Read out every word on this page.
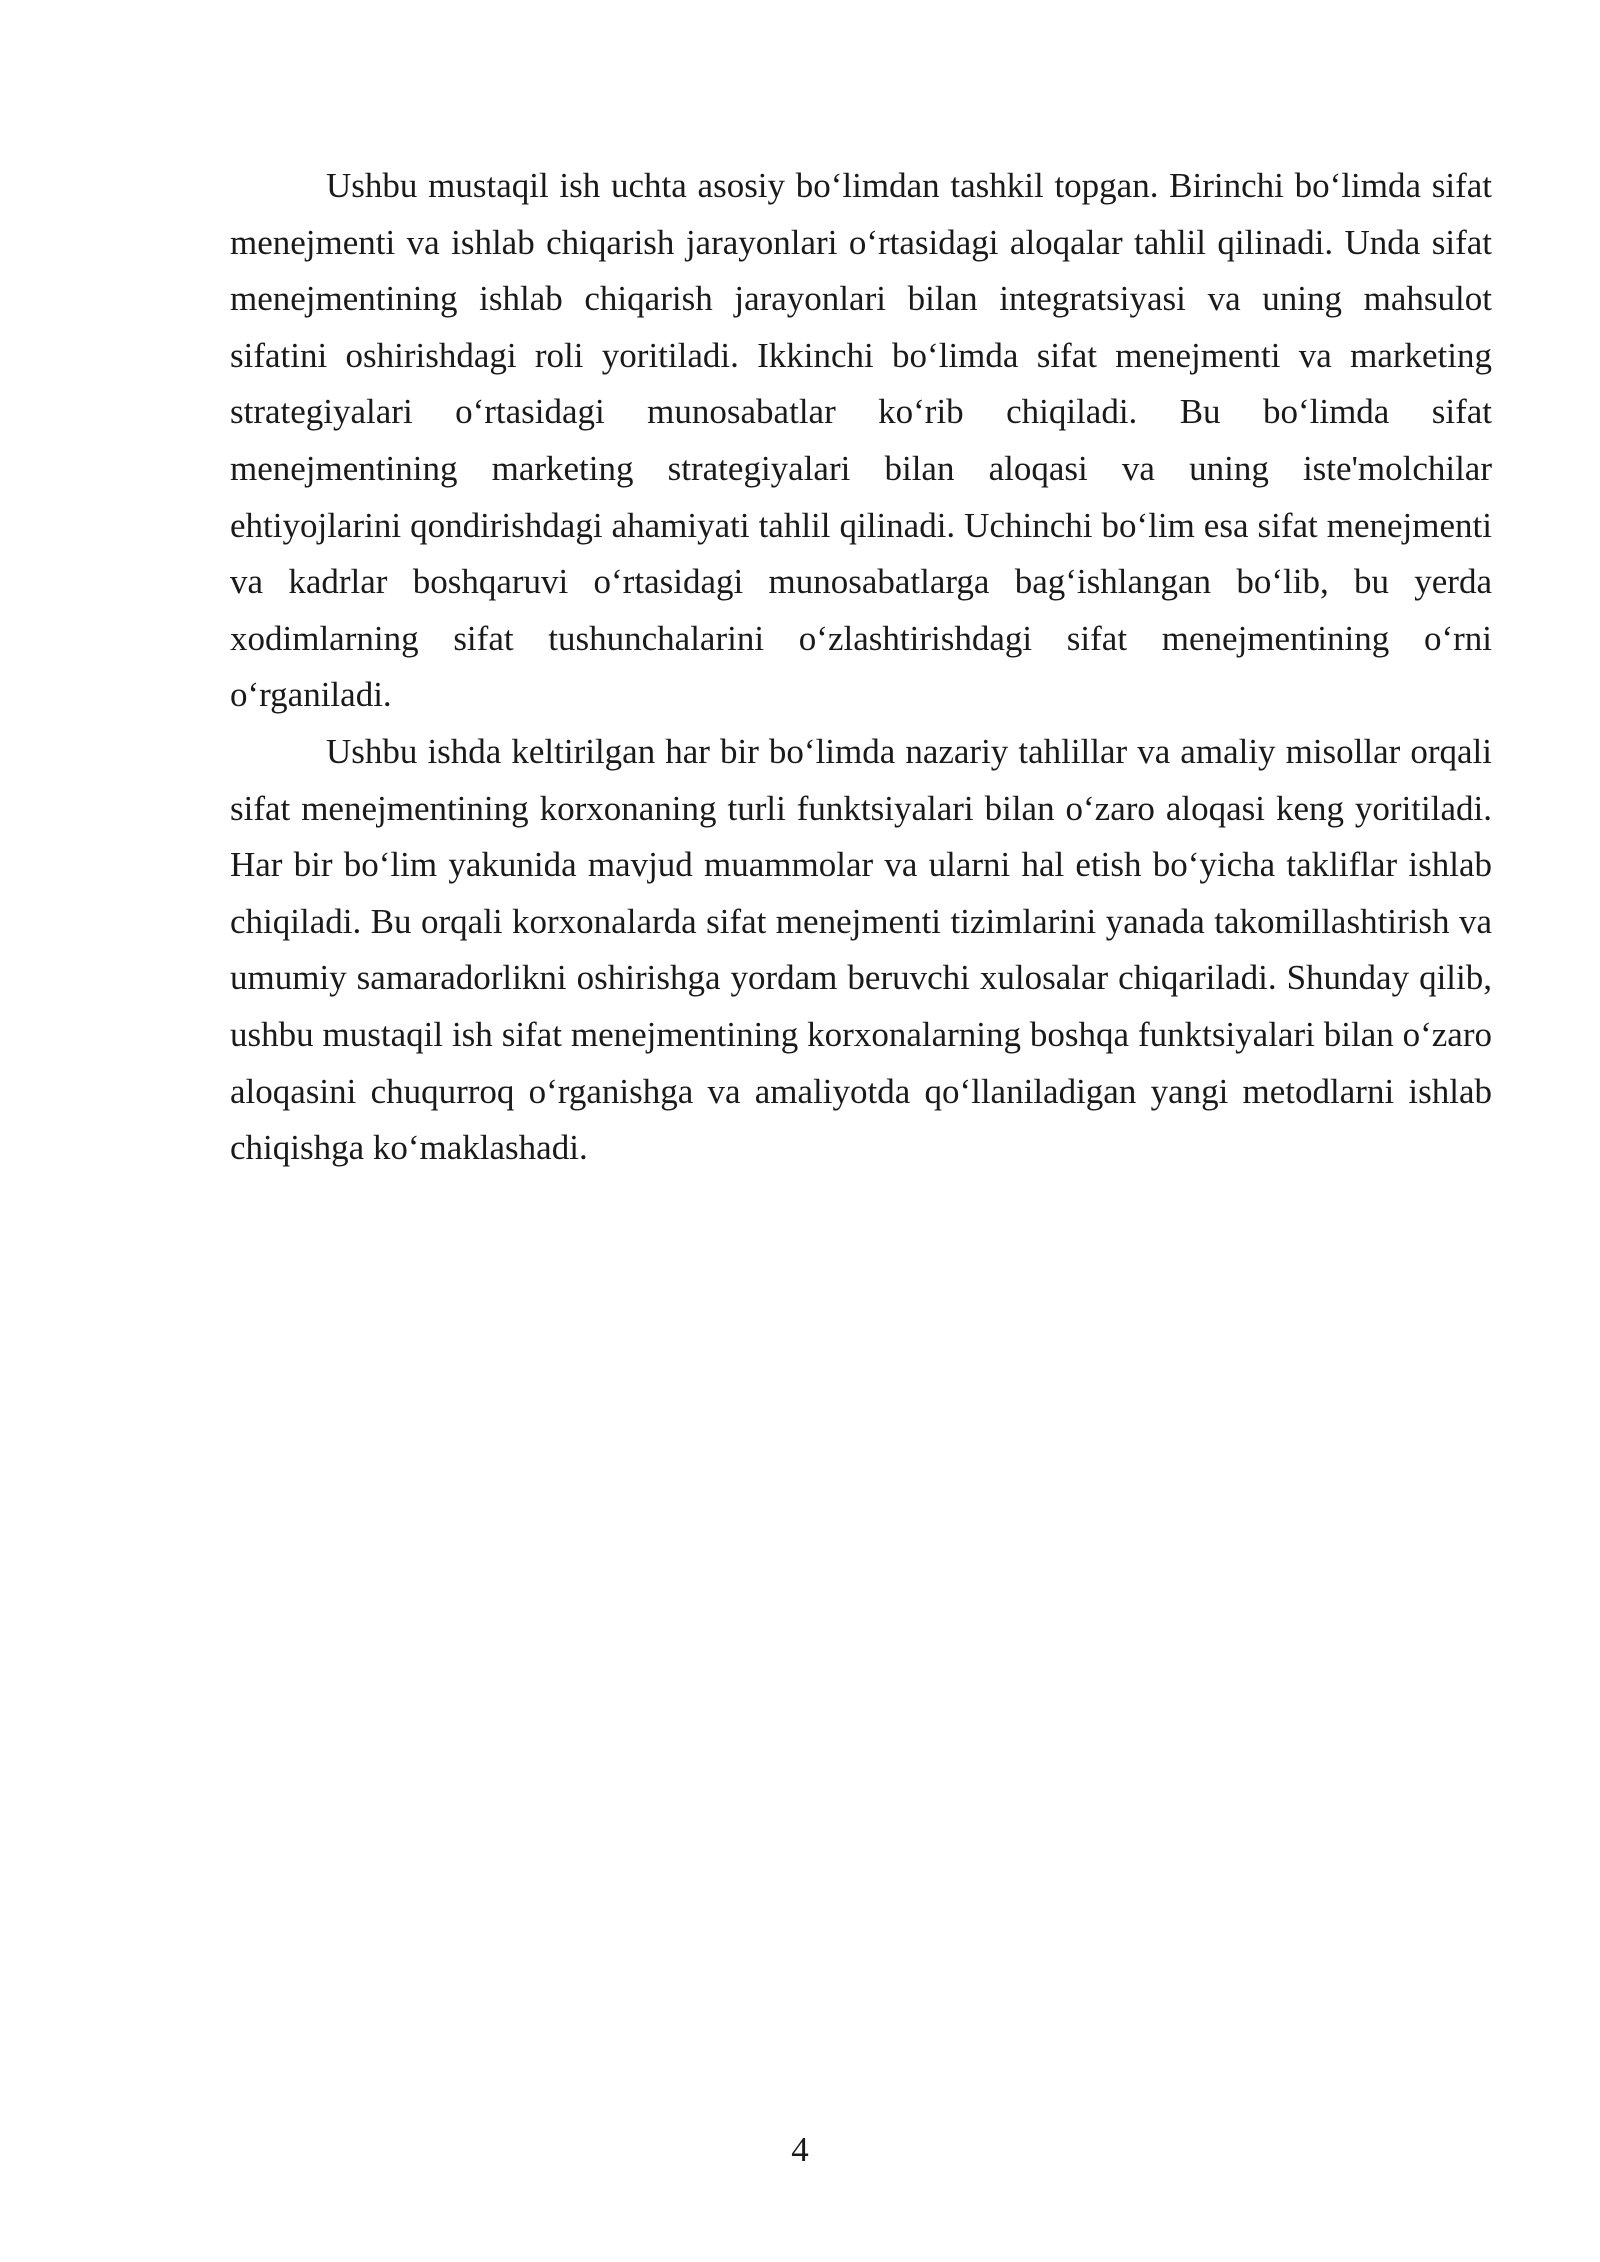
Ushbu mustaqil ish uchta asosiy bo‘limdan tashkil topgan. Birinchi bo‘limda sifat menejmenti va ishlab chiqarish jarayonlari o‘rtasidagi aloqalar tahlil qilinadi. Unda sifat menejmentining ishlab chiqarish jarayonlari bilan integratsiyasi va uning mahsulot sifatini oshirishdagi roli yoritiladi. Ikkinchi bo‘limda sifat menejmenti va marketing strategiyalari o‘rtasidagi munosabatlar ko‘rib chiqiladi. Bu bo‘limda sifat menejmentining marketing strategiyalari bilan aloqasi va uning iste'molchilar ehtiyojlarini qondirishdagi ahamiyati tahlil qilinadi. Uchinchi bo‘lim esa sifat menejmenti va kadrlar boshqaruvi o‘rtasidagi munosabatlarga bag‘ishlangan bo‘lib, bu yerda xodimlarning sifat tushunchalarini o‘zlashtirishdagi sifat menejmentining o‘rni o‘rganiladi.

Ushbu ishda keltirilgan har bir bo‘limda nazariy tahlillar va amaliy misollar orqali sifat menejmentining korxonaning turli funktsiyalari bilan o‘zaro aloqasi keng yoritiladi. Har bir bo‘lim yakunida mavjud muammolar va ularni hal etish bo‘yicha takliflar ishlab chiqiladi. Bu orqali korxonalarda sifat menejmenti tizimlarini yanada takomillashtirish va umumiy samaradorlikni oshirishga yordam beruvchi xulosalar chiqariladi. Shunday qilib, ushbu mustaqil ish sifat menejmentining korxonalarning boshqa funktsiyalari bilan o‘zaro aloqasini chuqurroq o‘rganishga va amaliyotda qo‘llaniladigan yangi metodlarni ishlab chiqishga ko‘maklashadi.

4
